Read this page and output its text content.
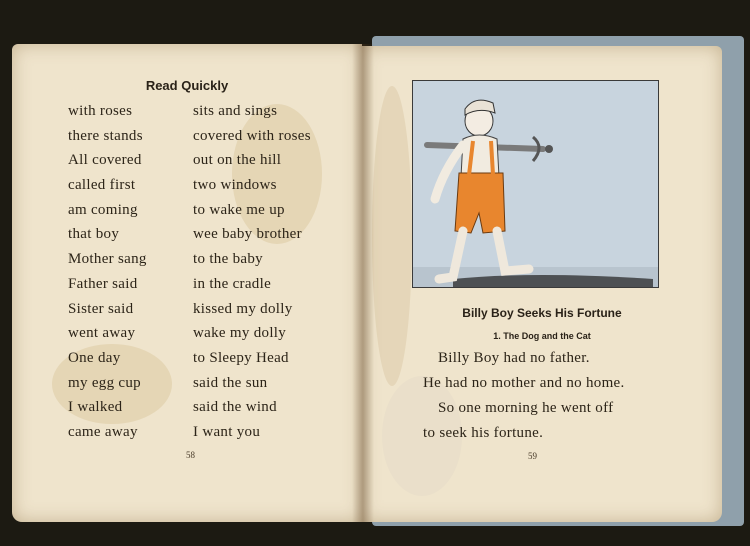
Read Quickly
with roses
there stands
All covered
called first
am coming
that boy
Mother sang
Father said
Sister said
went away
One day
my egg cup
I walked
came away
sits and sings
covered with roses
out on the hill
two windows
to wake me up
wee baby brother
to the baby
in the cradle
kissed my dolly
wake my dolly
to Sleepy Head
said the sun
said the wind
I want you
58
Billy Boy Seeks His Fortune
1. The Dog and the Cat
Billy Boy had no father.
He had no mother and no home.
So one morning he went off
to seek his fortune.
59
